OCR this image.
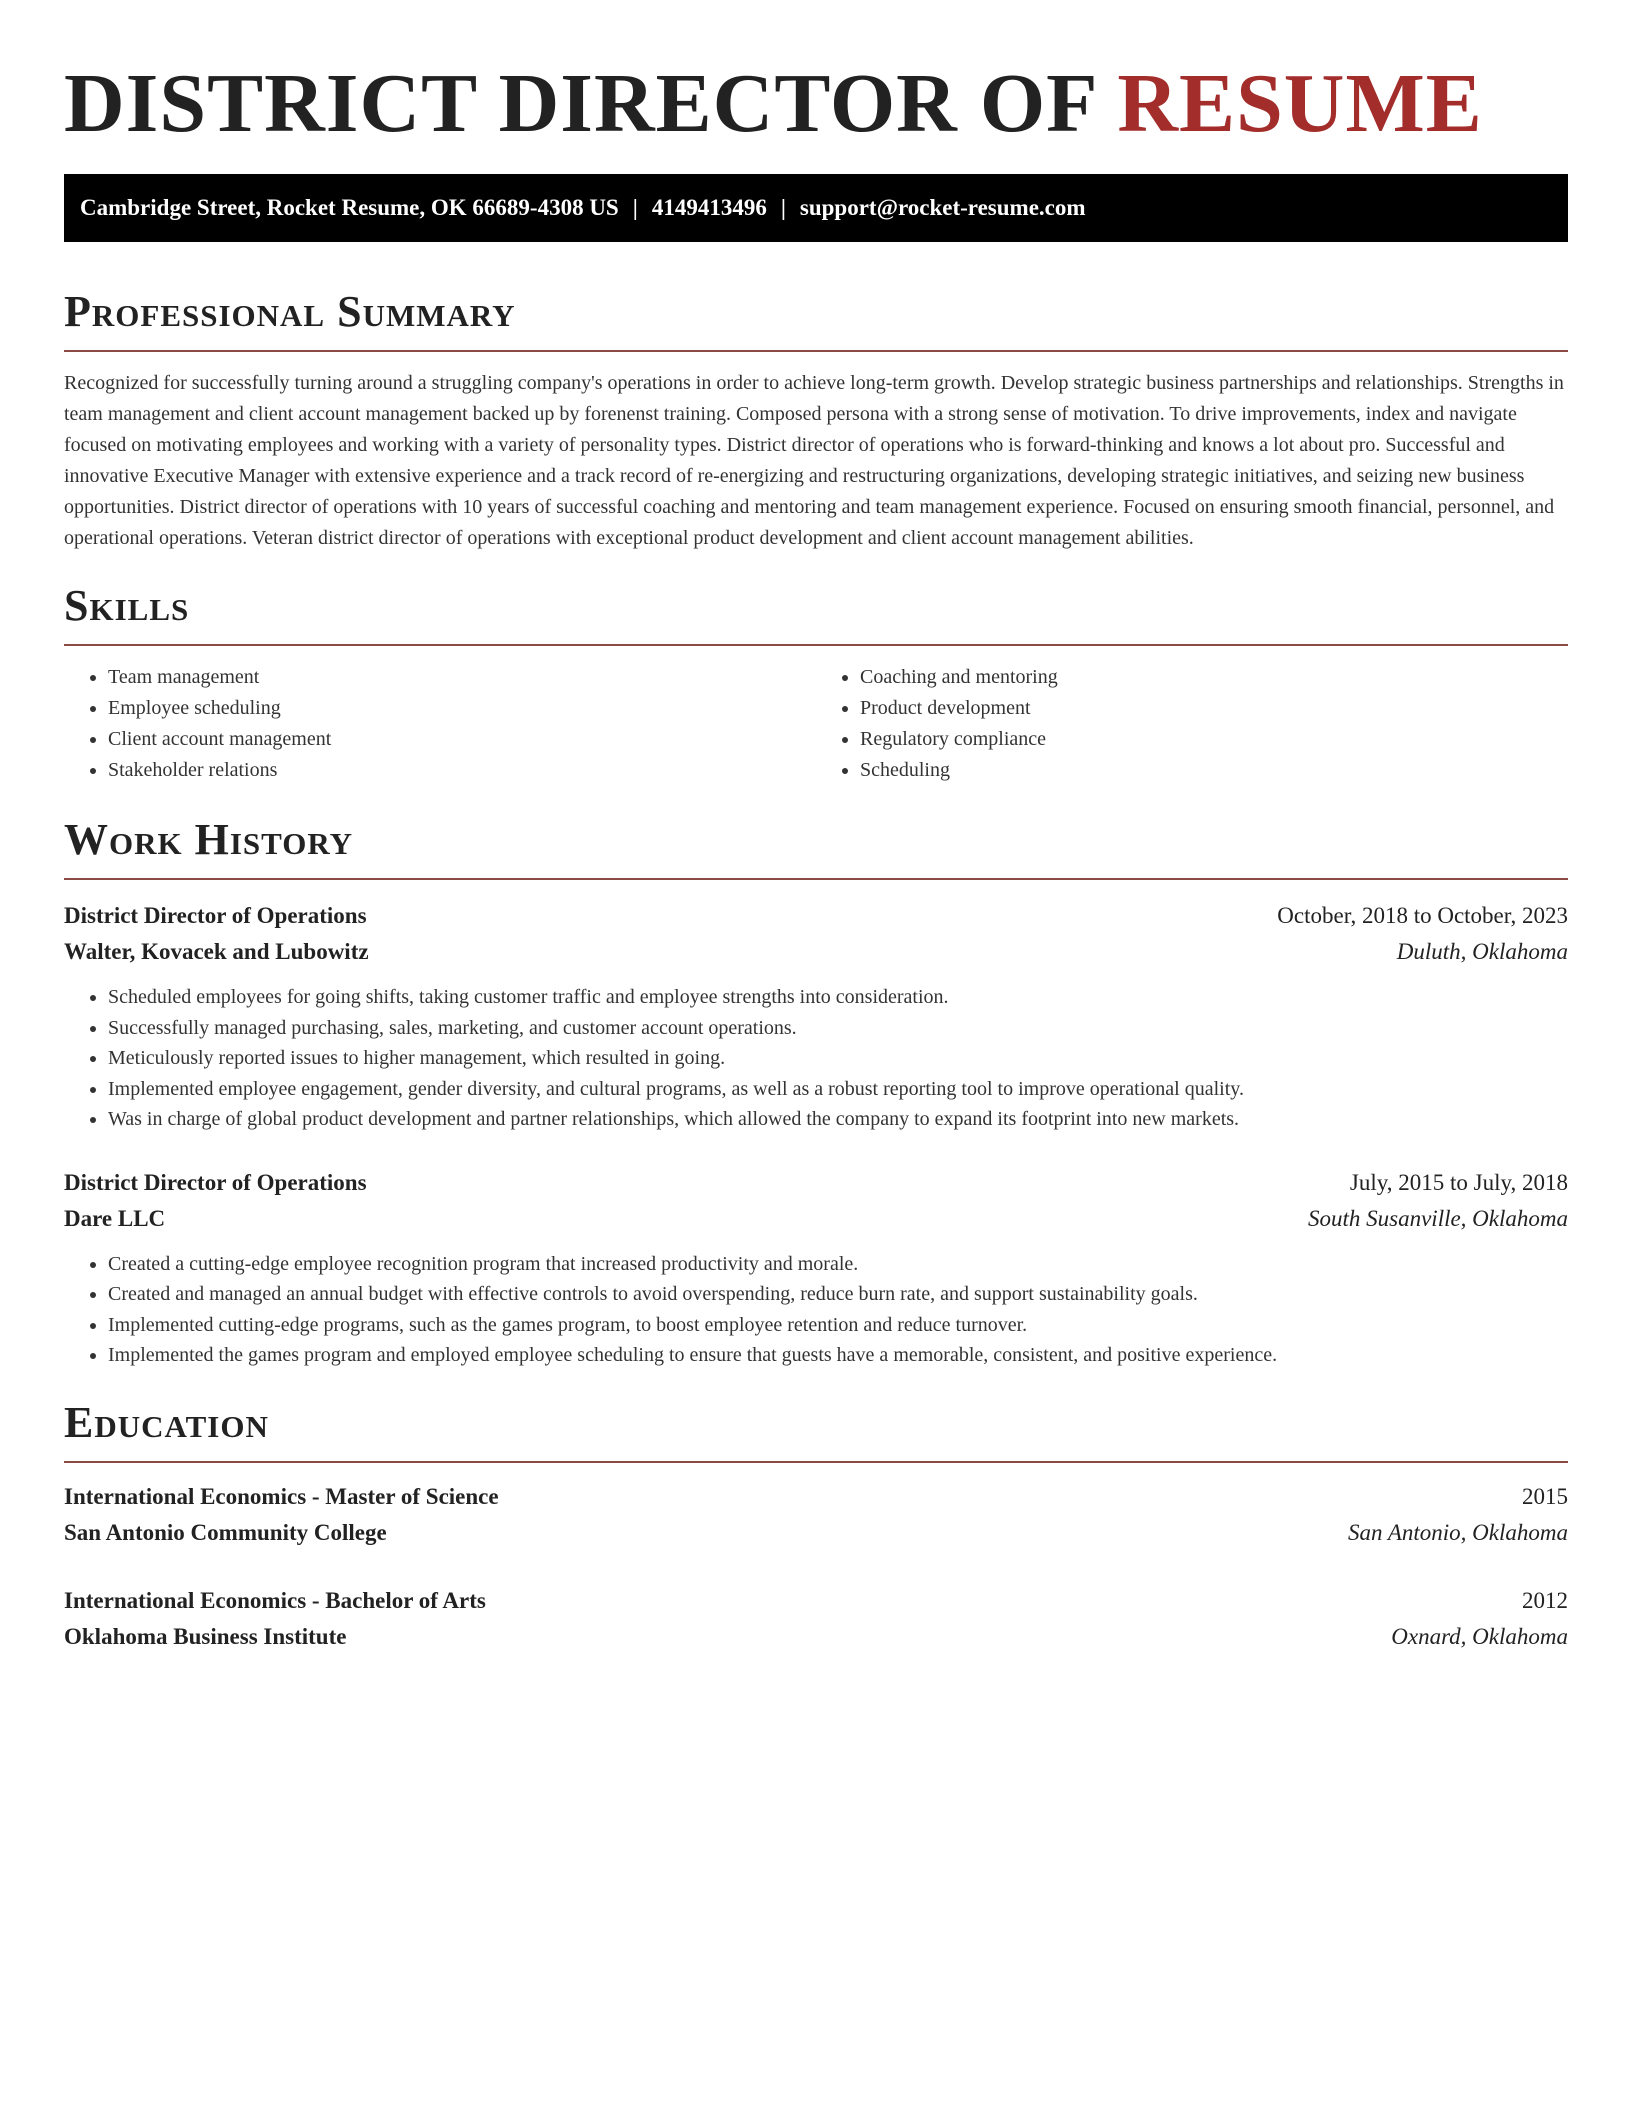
DISTRICT DIRECTOR OF RESUME
Cambridge Street, Rocket Resume, OK 66689-4308 US | 4149413496 | support@rocket-resume.com
Professional Summary

Recognized for successfully turning around a struggling company's operations in order to achieve long-term growth. Develop strategic business partnerships and relationships. Strengths in team management and client account management backed up by forenenst training. Composed persona with a strong sense of motivation. To drive improvements, index and navigate focused on motivating employees and working with a variety of personality types. District director of operations who is forward-thinking and knows a lot about pro. Successful and innovative Executive Manager with extensive experience and a track record of re-energizing and restructuring organizations, developing strategic initiatives, and seizing new business opportunities. District director of operations with 10 years of successful coaching and mentoring and team management experience. Focused on ensuring smooth financial, personnel, and operational operations. Veteran district director of operations with exceptional product development and client account management abilities.

Skills
• Team management
• Employee scheduling
• Client account management
• Stakeholder relations
• Coaching and mentoring
• Product development
• Regulatory compliance
• Scheduling
Work History
District Director of Operations	October, 2018 to October, 2023
Walter, Kovacek and Lubowitz	Duluth, Oklahoma
• Scheduled employees for going shifts, taking customer traffic and employee strengths into consideration.
• Successfully managed purchasing, sales, marketing, and customer account operations.
• Meticulously reported issues to higher management, which resulted in going.
• Implemented employee engagement, gender diversity, and cultural programs, as well as a robust reporting tool to improve operational quality.
• Was in charge of global product development and partner relationships, which allowed the company to expand its footprint into new markets.
District Director of Operations	July, 2015 to July, 2018
Dare LLC	South Susanville, Oklahoma
• Created a cutting-edge employee recognition program that increased productivity and morale.
• Created and managed an annual budget with effective controls to avoid overspending, reduce burn rate, and support sustainability goals.
• Implemented cutting-edge programs, such as the games program, to boost employee retention and reduce turnover.
• Implemented the games program and employed employee scheduling to ensure that guests have a memorable, consistent, and positive experience.
Education
International Economics - Master of Science	2015
San Antonio Community College	San Antonio, Oklahoma
International Economics - Bachelor of Arts	2012
Oklahoma Business Institute	Oxnard, Oklahoma
